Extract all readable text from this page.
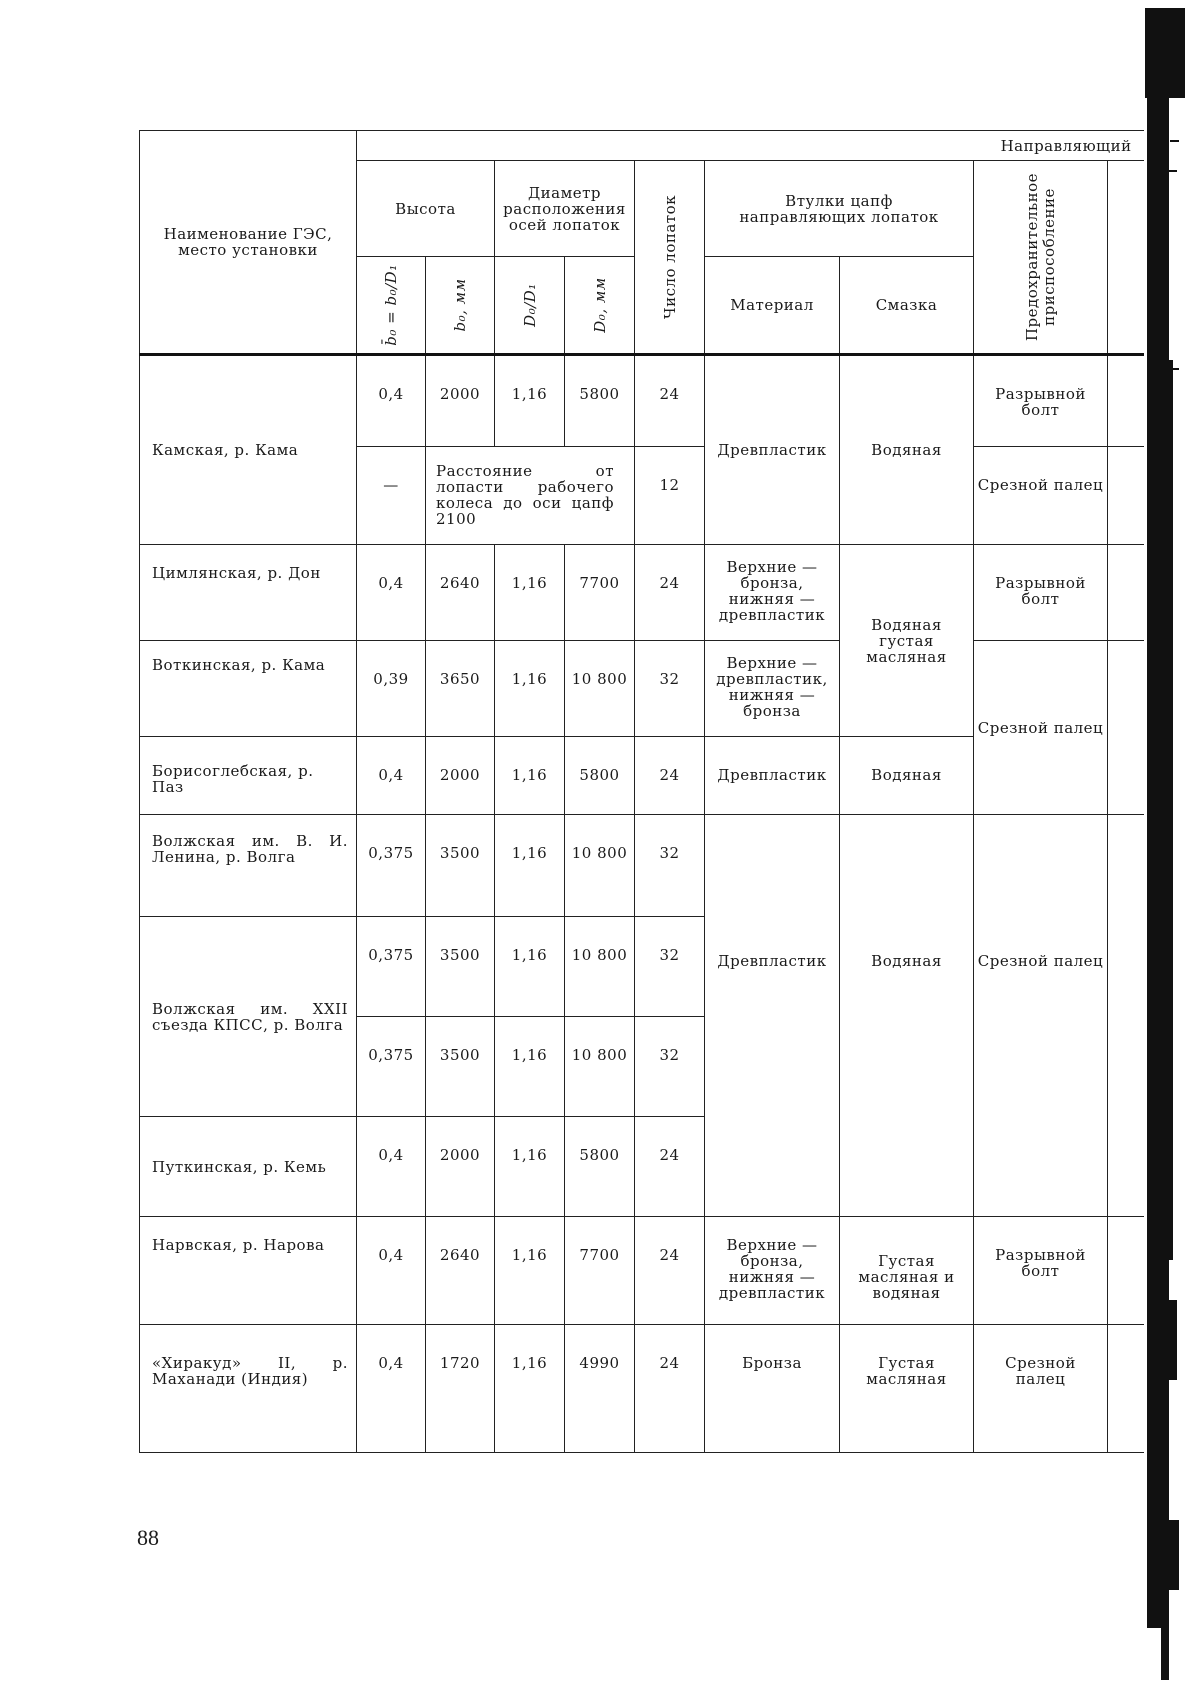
Наименование ГЭС, место установки	Направляющий								
	Высота		Диаметр расположения осей лопаток		Число лопаток	Втулки цапф направляющих лопаток		Предохранительное приспособление	

	b̄₀ = b₀/D₁	b₀, мм	D₀/D₁	D₀, мм		Материал	Смазка		
Камская, р. Кама	0,4	2000	1,16	5800	24	Древпластик	Водяная	Разрывной болт	
	—	Расстояние от лопасти рабочего колеса до оси цапф 2100			12			Срезной палец	
Цимлянская, р. Дон	0,4	2640	1,16	7700	24	Верхние — бронза, нижняя — древпластик	Водяная густая масляная	Разрывной болт	
Воткинская, р. Кама	0,39	3650	1,16	10 800	32	Верхние — древпластик, нижняя — бронза		Срезной палец	
Борисоглебская, р. Паз	0,4	2000	1,16	5800	24	Древпластик	Водяная		
Волжская им. В. И. Ленина, р. Волга	0,375	3500	1,16	10 800	32	Древпластик	Водяная	Срезной палец	
Волжская им. XXII съезда КПСС, р. Волга	0,375	3500	1,16	10 800	32				
	0,375	3500	1,16	10 800	32				
Путкинская, р. Кемь	0,4	2000	1,16	5800	24				
Нарвская, р. Нарова	0,4	2640	1,16	7700	24	Верхние — бронза, нижняя — древпластик	Густая масляная и водяная	Разрывной болт	
«Хиракуд» II, р. Маханади (Индия)	0,4	1720	1,16	4990	24	Бронза	Густая масляная	Срезной палец	
88
